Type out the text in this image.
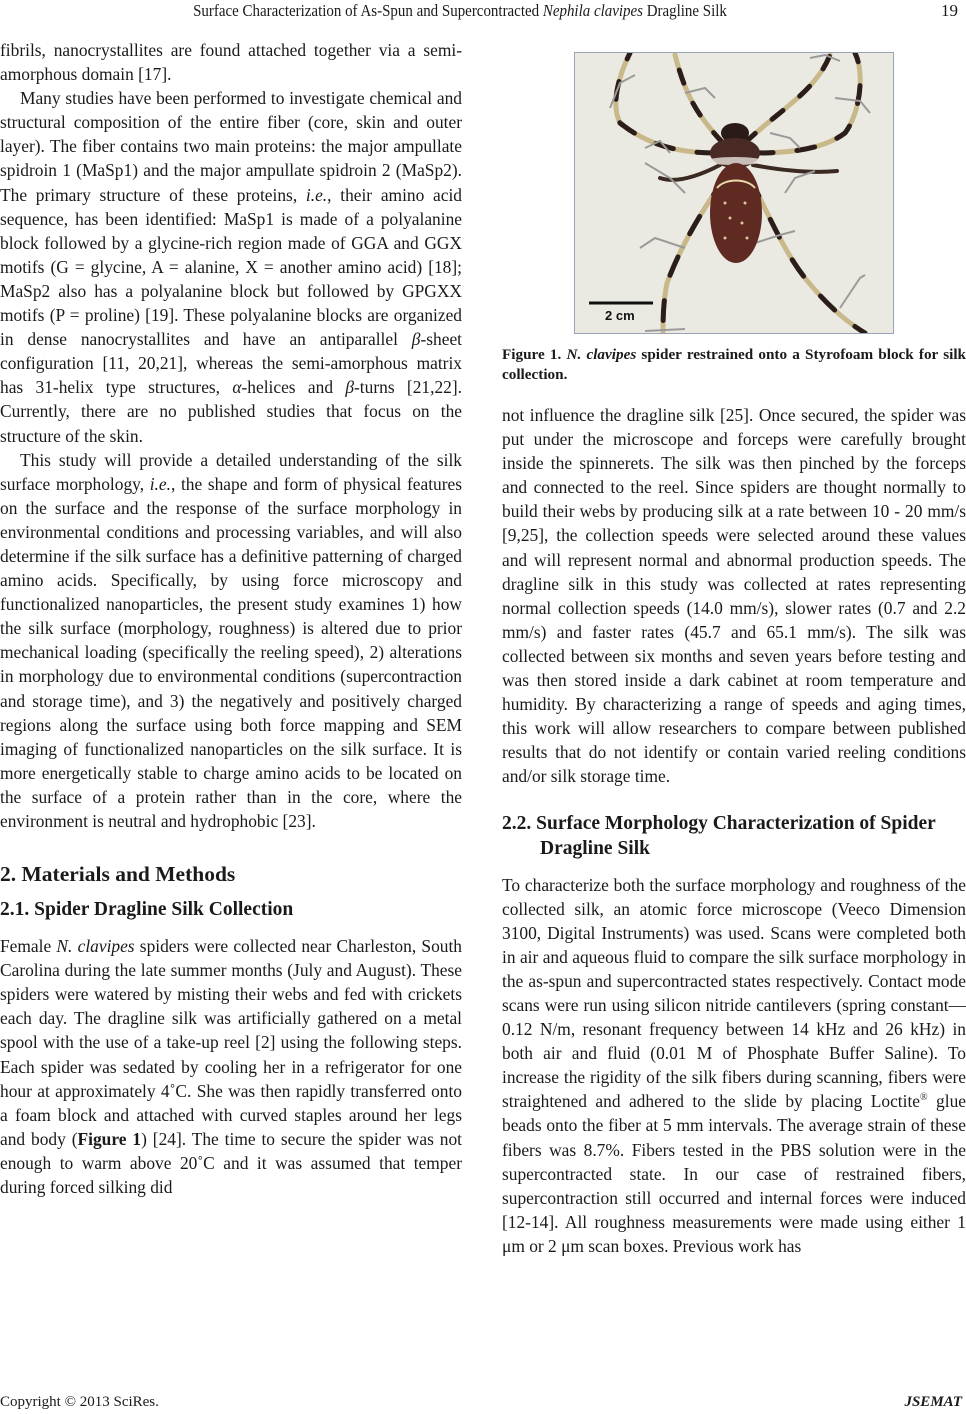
Surface Characterization of As-Spun and Supercontracted Nephila clavipes Dragline Silk	19

fibrils, nanocrystallites are found attached together via a semi-amorphous domain [17].

Many studies have been performed to investigate chemical and structural composition of the entire fiber (core, skin and outer layer). The fiber contains two main proteins: the major ampullate spidroin 1 (MaSp1) and the major ampullate spidroin 2 (MaSp2). The primary structure of these proteins, i.e., their amino acid sequence, has been identified: MaSp1 is made of a polyalanine block followed by a glycine-rich region made of GGA and GGX motifs (G = glycine, A = alanine, X = another amino acid) [18]; MaSp2 also has a polyalanine block but followed by GPGXX motifs (P = proline) [19]. These polyalanine blocks are organized in dense nanocrystallites and have an antiparallel β-sheet configuration [11, 20,21], whereas the semi-amorphous matrix has 31-helix type structures, α-helices and β-turns [21,22]. Currently, there are no published studies that focus on the structure of the skin.

This study will provide a detailed understanding of the silk surface morphology, i.e., the shape and form of physical features on the surface and the response of the surface morphology in environmental conditions and processing variables, and will also determine if the silk surface has a definitive patterning of charged amino acids. Specifically, by using force microscopy and functionalized nanoparticles, the present study examines 1) how the silk surface (morphology, roughness) is altered due to prior mechanical loading (specifically the reeling speed), 2) alterations in morphology due to environmental conditions (supercontraction and storage time), and 3) the negatively and positively charged regions along the surface using both force mapping and SEM imaging of functionalized nanoparticles on the silk surface. It is more energetically stable to charge amino acids to be located on the surface of a protein rather than in the core, where the environment is neutral and hydrophobic [23].

2. Materials and Methods
2.1. Spider Dragline Silk Collection

Female N. clavipes spiders were collected near Charleston, South Carolina during the late summer months (July and August). These spiders were watered by misting their webs and fed with crickets each day. The dragline silk was artificially gathered on a metal spool with the use of a take-up reel [2] using the following steps. Each spider was sedated by cooling her in a refrigerator for one hour at approximately 4˚C. She was then rapidly transferred onto a foam block and attached with curved staples around her legs and body (Figure 1) [24]. The time to secure the spider was not enough to warm above 20˚C and it was assumed that temper during forced silking did

2 cm
Figure 1. N. clavipes spider restrained onto a Styrofoam block for silk collection.

not influence the dragline silk [25]. Once secured, the spider was put under the microscope and forceps were carefully brought inside the spinnerets. The silk was then pinched by the forceps and connected to the reel. Since spiders are thought normally to build their webs by producing silk at a rate between 10 - 20 mm/s [9,25], the collection speeds were selected around these values and will represent normal and abnormal production speeds. The dragline silk in this study was collected at rates representing normal collection speeds (14.0 mm/s), slower rates (0.7 and 2.2 mm/s) and faster rates (45.7 and 65.1 mm/s). The silk was collected between six months and seven years before testing and was then stored inside a dark cabinet at room temperature and humidity. By characterizing a range of speeds and aging times, this work will allow researchers to compare between published results that do not identify or contain varied reeling conditions and/or silk storage time.

2.2. Surface Morphology Characterization of Spider Dragline Silk

To characterize both the surface morphology and roughness of the collected silk, an atomic force microscope (Veeco Dimension 3100, Digital Instruments) was used. Scans were completed both in air and aqueous fluid to compare the silk surface morphology in the as-spun and supercontracted states respectively. Contact mode scans were run using silicon nitride cantilevers (spring constant—0.12 N/m, resonant frequency between 14 kHz and 26 kHz) in both air and fluid (0.01 M of Phosphate Buffer Saline). To increase the rigidity of the silk fibers during scanning, fibers were straightened and adhered to the slide by placing Loctite® glue beads onto the fiber at 5 mm intervals. The average strain of these fibers was 8.7%. Fibers tested in the PBS solution were in the supercontracted state. In our case of restrained fibers, supercontraction still occurred and internal forces were induced [12-14]. All roughness measurements were made using either 1 μm or 2 μm scan boxes. Previous work has

Copyright © 2013 SciRes.	JSEMAT
